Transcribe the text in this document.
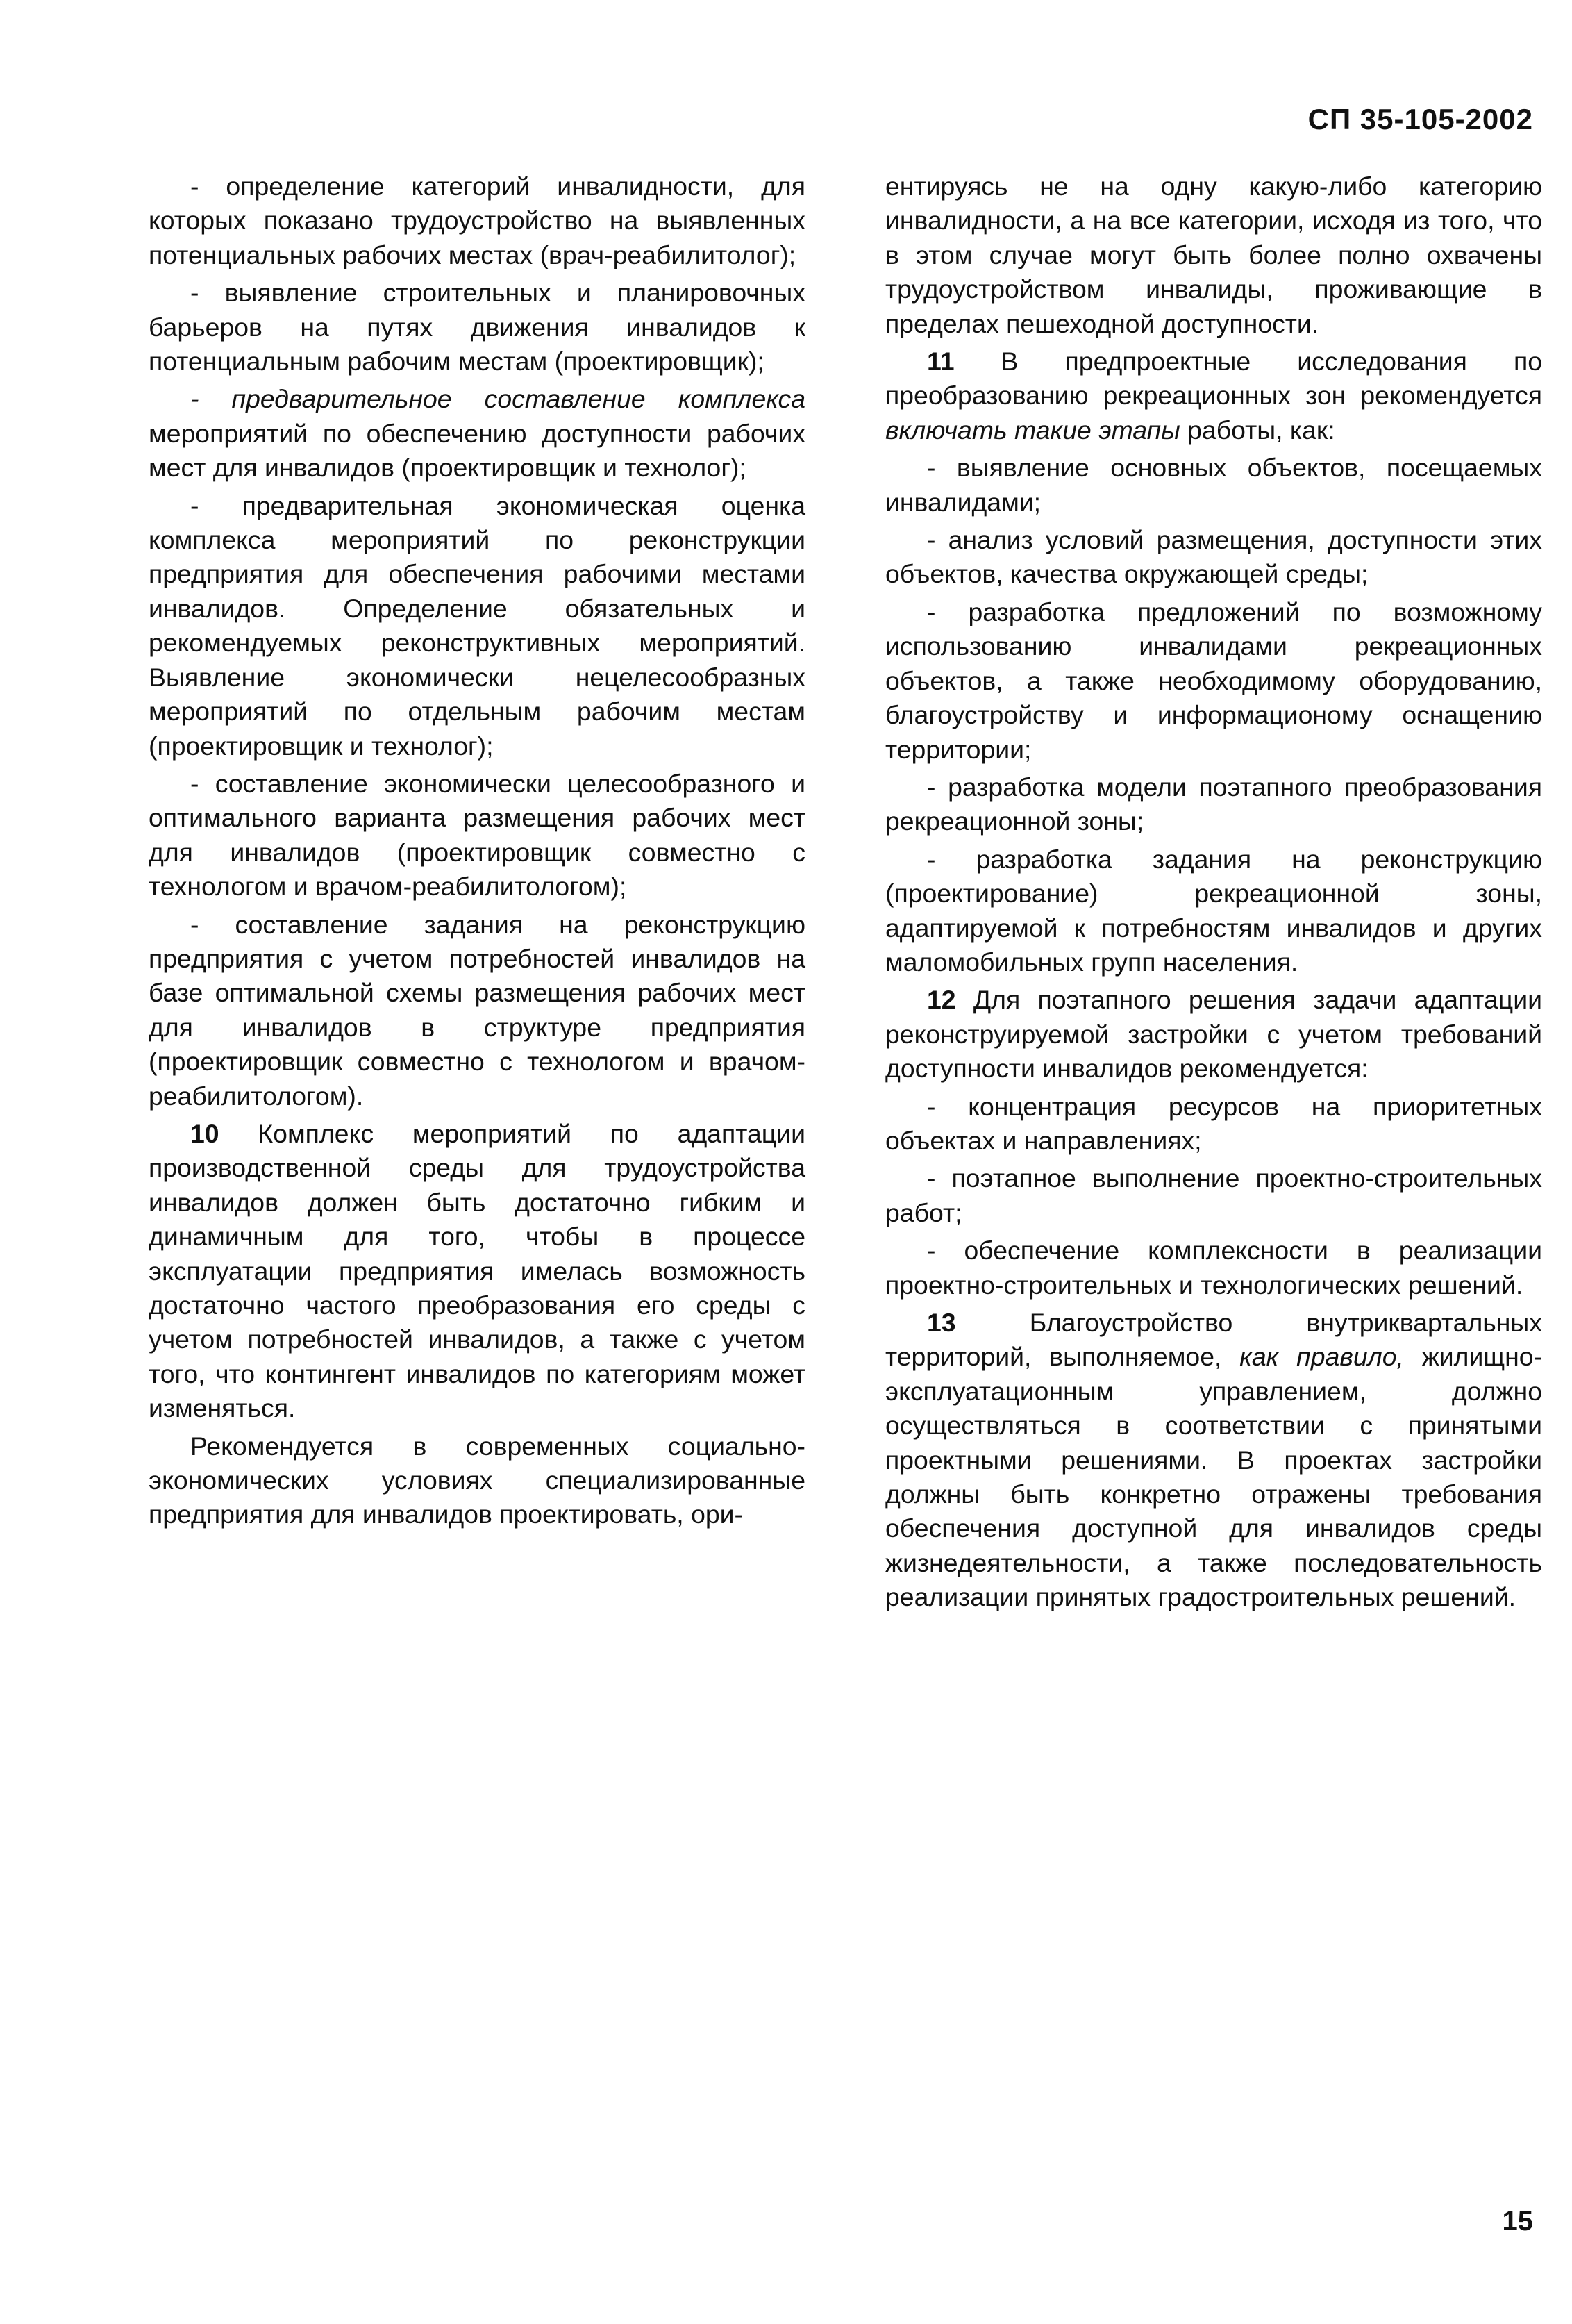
СП 35-105-2002

- определение категорий инвалидности, для которых показано трудоустройство на выявленных потенциальных рабочих местах (врач-реабилитолог);

- выявление строительных и планировочных барьеров на путях движения инвалидов к потенциальным рабочим местам (проектировщик);

- предварительное составление комплекса мероприятий по обеспечению доступности рабочих мест для инвалидов (проектировщик и технолог);

- предварительная экономическая оценка комплекса мероприятий по реконструкции предприятия для обеспечения рабочими местами инвалидов. Определение обязательных и рекомендуемых реконструктивных мероприятий. Выявление экономически нецелесообразных мероприятий по отдельным рабочим местам (проектировщик и технолог);

- составление экономически целесообразного и оптимального варианта размещения рабочих мест для инвалидов (проектировщик совместно с технологом и врачом-реабилитологом);

- составление задания на реконструкцию предприятия с учетом потребностей инвалидов на базе оптимальной схемы размещения рабочих мест для инвалидов в структуре предприятия (проектировщик совместно с технологом и врачом-реабилитологом).

10 Комплекс мероприятий по адаптации производственной среды для трудоустройства инвалидов должен быть достаточно гибким и динамичным для того, чтобы в процессе эксплуатации предприятия имелась возможность достаточно частого преобразования его среды с учетом потребностей инвалидов, а также с учетом того, что контингент инвалидов по категориям может изменяться.

Рекомендуется в современных социально-экономических условиях специализированные предприятия для инвалидов проектировать, ори-

ентируясь не на одну какую-либо категорию инвалидности, а на все категории, исходя из того, что в этом случае могут быть более полно охвачены трудоустройством инвалиды, проживающие в пределах пешеходной доступности.

11 В предпроектные исследования по преобразованию рекреационных зон рекомендуется включать такие этапы работы, как:

- выявление основных объектов, посещаемых инвалидами;

- анализ условий размещения, доступности этих объектов, качества окружающей среды;

- разработка предложений по возможному использованию инвалидами рекреационных объектов, а также необходимому оборудованию, благоустройству и информационому оснащению территории;

- разработка модели поэтапного преобразования рекреационной зоны;

- разработка задания на реконструкцию (проектирование) рекреационной зоны, адаптируемой к потребностям инвалидов и других маломобильных групп населения.

12 Для поэтапного решения задачи адаптации реконструируемой застройки с учетом требований доступности инвалидов рекомендуется:

- концентрация ресурсов на приоритетных объектах и направлениях;

- поэтапное выполнение проектно-строительных работ;

- обеспечение комплексности в реализации проектно-строительных и технологических решений.

13 Благоустройство внутриквартальных территорий, выполняемое, как правило, жилищно-эксплуатационным управлением, должно осуществляться в соответствии с принятыми проектными решениями. В проектах застройки должны быть конкретно отражены требования обеспечения доступной для инвалидов среды жизнедеятельности, а также последовательность реализации принятых градостроительных решений.

15
